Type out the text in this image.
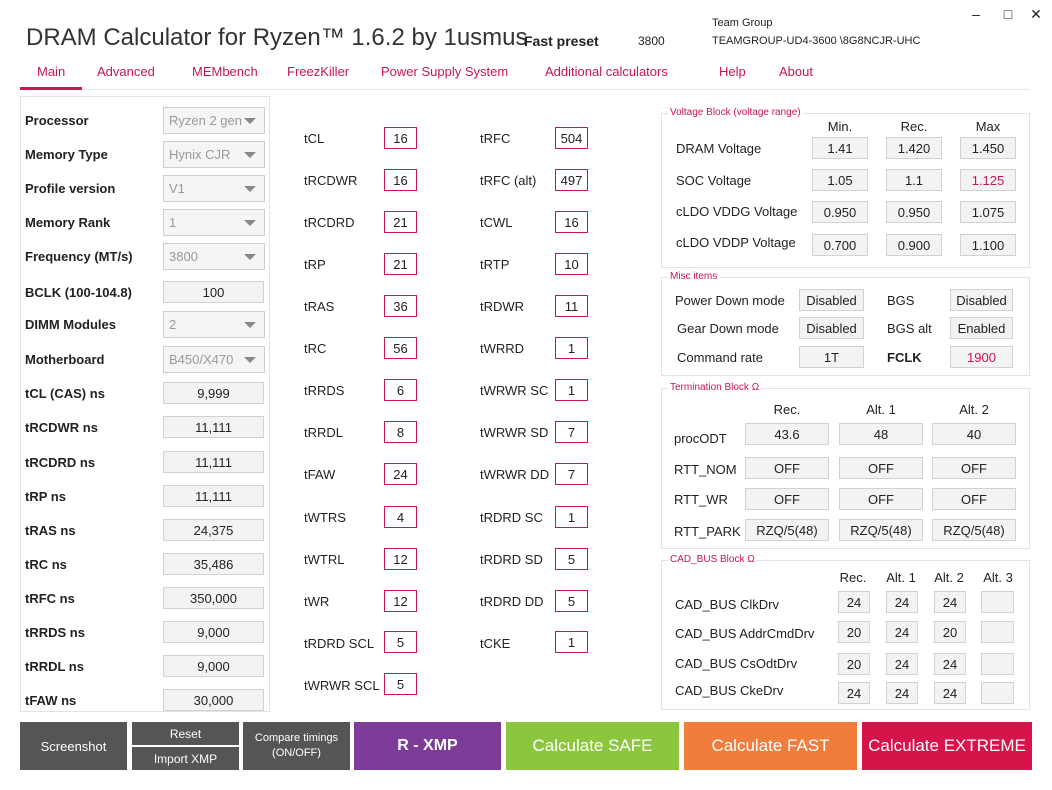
DRAM Calculator for Ryzen™ 1.6.2 by 1usmus
Fast preset	3800
Team Group
TEAMGROUP-UD4-3600 \8G8NCJR-UHC
– □ ✕
Main Advanced	MEMbench FreezKiller Power Supply System	Additional calculators	Help	About
Processor	Ryzen 2 gen
Memory Type	Hynix CJR
Profile version	V1
Memory Rank	1
Frequency (MT/s)	3800
BCLK (100-104.8)	100
DIMM Modules	2
Motherboard	B450/X470
tCL (CAS) ns	9,999
tRCDWR ns	11,111
tRCDRD ns	11,111
tRP ns	11,111
tRAS ns	24,375
tRC ns	35,486
tRFC ns	350,000
tRRDS ns	9,000
tRRDL ns	9,000
tFAW ns	30,000
tCL	16
tRCDWR	16
tRCDRD	21
tRP	21
tRAS	36
tRC	56
tRRDS	6
tRRDL	8
tFAW	24
tWTRS	4
tWTRL	12
tWR	12
tRDRD SCL	5
tWRWR SCL	5
tRFC	504
tRFC (alt)	497
tCWL	16
tRTP	10
tRDWR	11
tWRRD	1
tWRWR SC	1
tWRWR SD	7
tWRWR DD	7
tRDRD SC	1
tRDRD SD	5
tRDRD DD	5
tCKE	1
Voltage Block (voltage range)
Min.	Rec.	Max
DRAM Voltage	1.41	1.420	1.450
SOC Voltage	1.05	1.1	1.125
cLDO VDDG Voltage	0.950	0.950	1.075
cLDO VDDP Voltage	0.700	0.900	1.100
Misc items
Power Down mode	Disabled	BGS	Disabled
Gear Down mode	Disabled	BGS alt	Enabled
Command rate	1T	FCLK	1900
Termination Block Ω
Rec.	Alt. 1	Alt. 2
procODT	43.6	48	40
RTT_NOM	OFF	OFF	OFF
RTT_WR	OFF	OFF	OFF
RTT_PARK	RZQ/5(48)	RZQ/5(48)	RZQ/5(48)
CAD_BUS Block Ω
Rec. Alt. 1 Alt. 2 Alt. 3
CAD_BUS ClkDrv	24	24	24
CAD_BUS AddrCmdDrv	20	24	20
CAD_BUS CsOdtDrv	20	24	24
CAD_BUS CkeDrv	24	24	24
Screenshot
Reset
Import XMP
Compare timings (ON/OFF)	R - XMP	Calculate SAFE	Calculate FAST	Calculate EXTREME
